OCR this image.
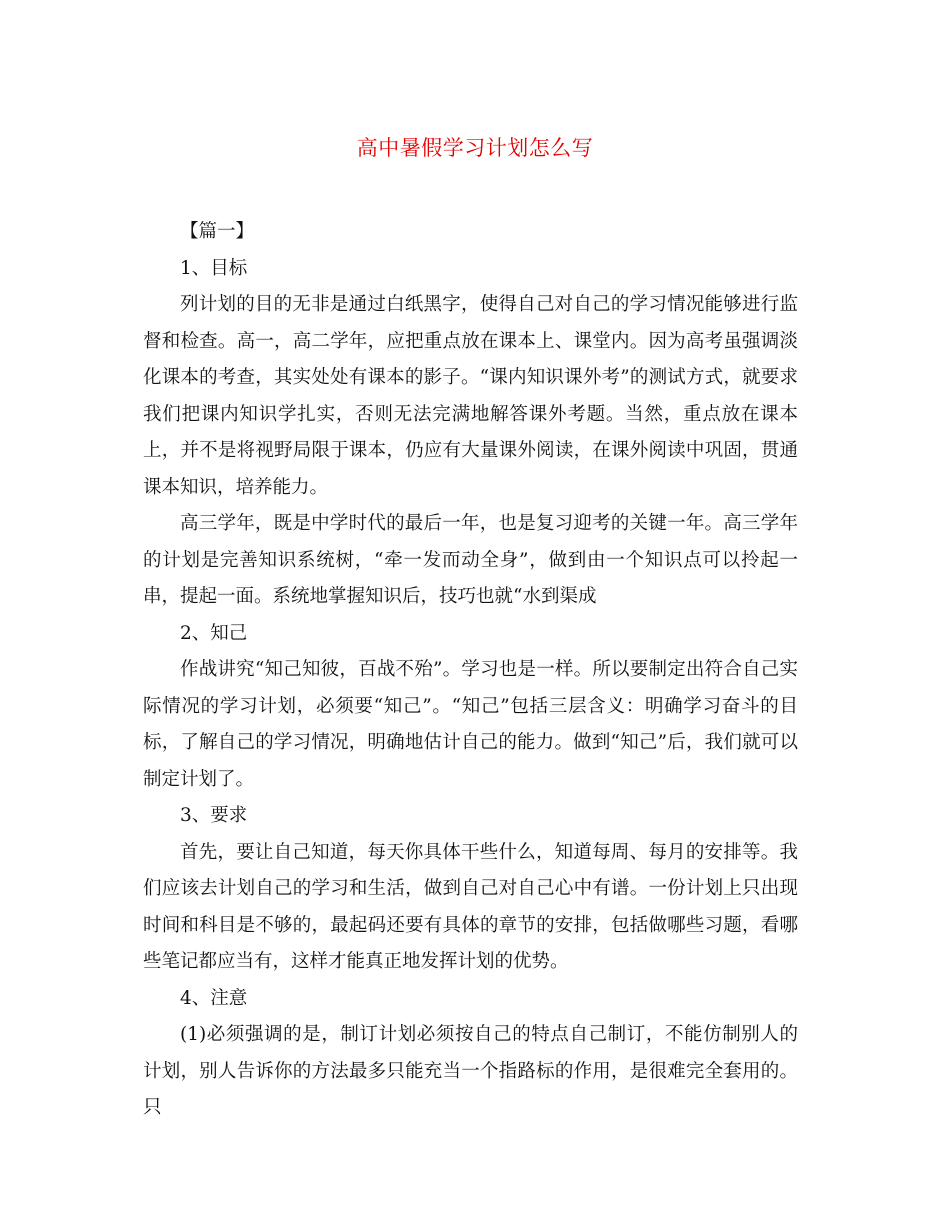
高中暑假学习计划怎么写

【篇一】

1、目标

列计划的目的无非是通过白纸黑字，使得自己对自己的学习情况能够进行监督和检查。高一，高二学年，应把重点放在课本上、课堂内。因为高考虽强调淡化课本的考查，其实处处有课本的影子。“课内知识课外考”的测试方式，就要求我们把课内知识学扎实，否则无法完满地解答课外考题。当然，重点放在课本上，并不是将视野局限于课本，仍应有大量课外阅读，在课外阅读中巩固，贯通课本知识，培养能力。

高三学年，既是中学时代的最后一年，也是复习迎考的关键一年。高三学年的计划是完善知识系统树，“牵一发而动全身”，做到由一个知识点可以拎起一串，提起一面。系统地掌握知识后，技巧也就“水到渠成

2、知己

作战讲究“知己知彼，百战不殆”。学习也是一样。所以要制定出符合自己实际情况的学习计划，必须要“知己”。“知己”包括三层含义：明确学习奋斗的目标，了解自己的学习情况，明确地估计自己的能力。做到“知己”后，我们就可以制定计划了。

3、要求

首先，要让自己知道，每天你具体干些什么，知道每周、每月的安排等。我们应该去计划自己的学习和生活，做到自己对自己心中有谱。一份计划上只出现时间和科目是不够的，最起码还要有具体的章节的安排，包括做哪些习题，看哪些笔记都应当有，这样才能真正地发挥计划的优势。

4、注意

(1)必须强调的是，制订计划必须按自己的特点自己制订，不能仿制别人的计划，别人告诉你的方法最多只能充当一个指路标的作用，是很难完全套用的。只
